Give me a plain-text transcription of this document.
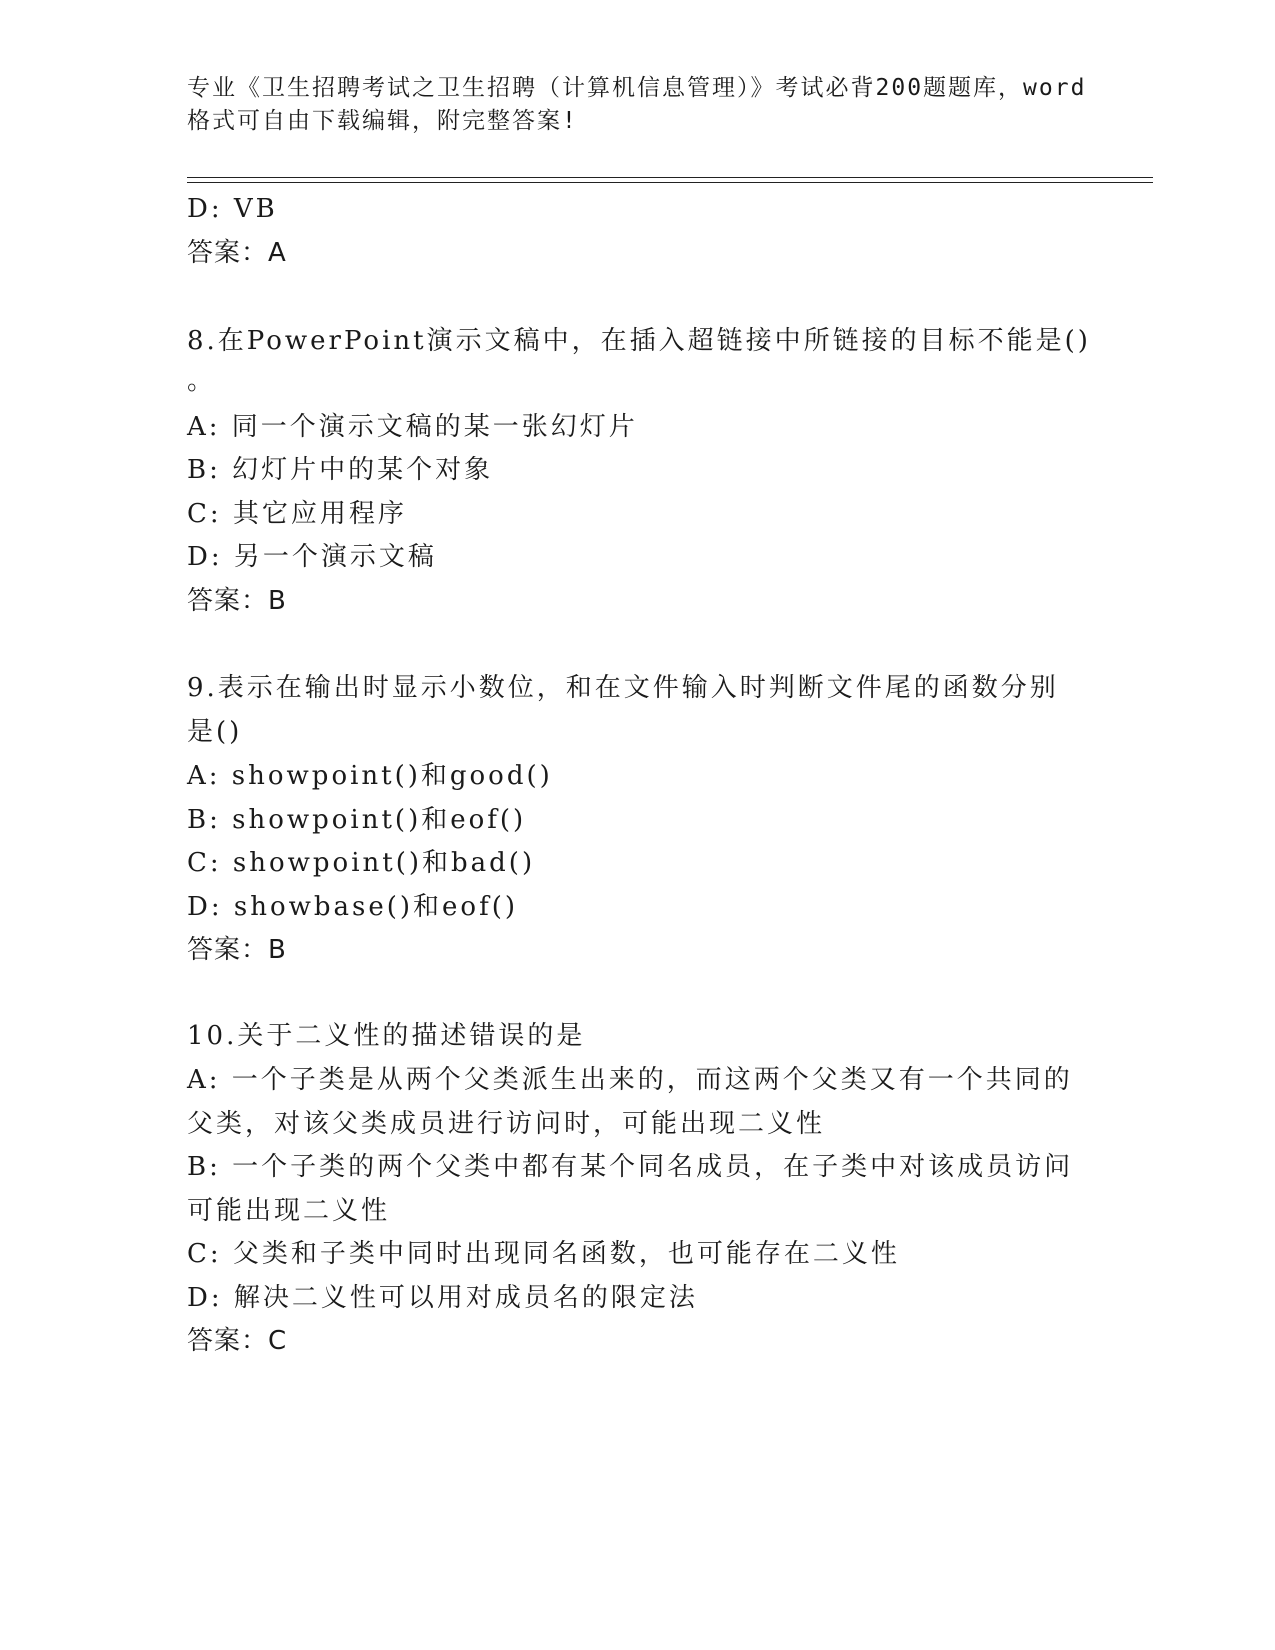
专业《卫生招聘考试之卫生招聘（计算机信息管理）》考试必背200题题库，word
格式可自由下载编辑，附完整答案!
D: VB
答案：A
8.在PowerPoint演示文稿中，在插入超链接中所链接的目标不能是()
。
A: 同一个演示文稿的某一张幻灯片
B: 幻灯片中的某个对象
C: 其它应用程序
D: 另一个演示文稿
答案：B
9.表示在输出时显示小数位，和在文件输入时判断文件尾的函数分别
是()
A: showpoint()和good()
B: showpoint()和eof()
C: showpoint()和bad()
D: showbase()和eof()
答案：B
10.关于二义性的描述错误的是
A: 一个子类是从两个父类派生出来的，而这两个父类又有一个共同的
父类，对该父类成员进行访问时，可能出现二义性
B: 一个子类的两个父类中都有某个同名成员，在子类中对该成员访问
可能出现二义性
C: 父类和子类中同时出现同名函数，也可能存在二义性
D: 解决二义性可以用对成员名的限定法
答案：C
